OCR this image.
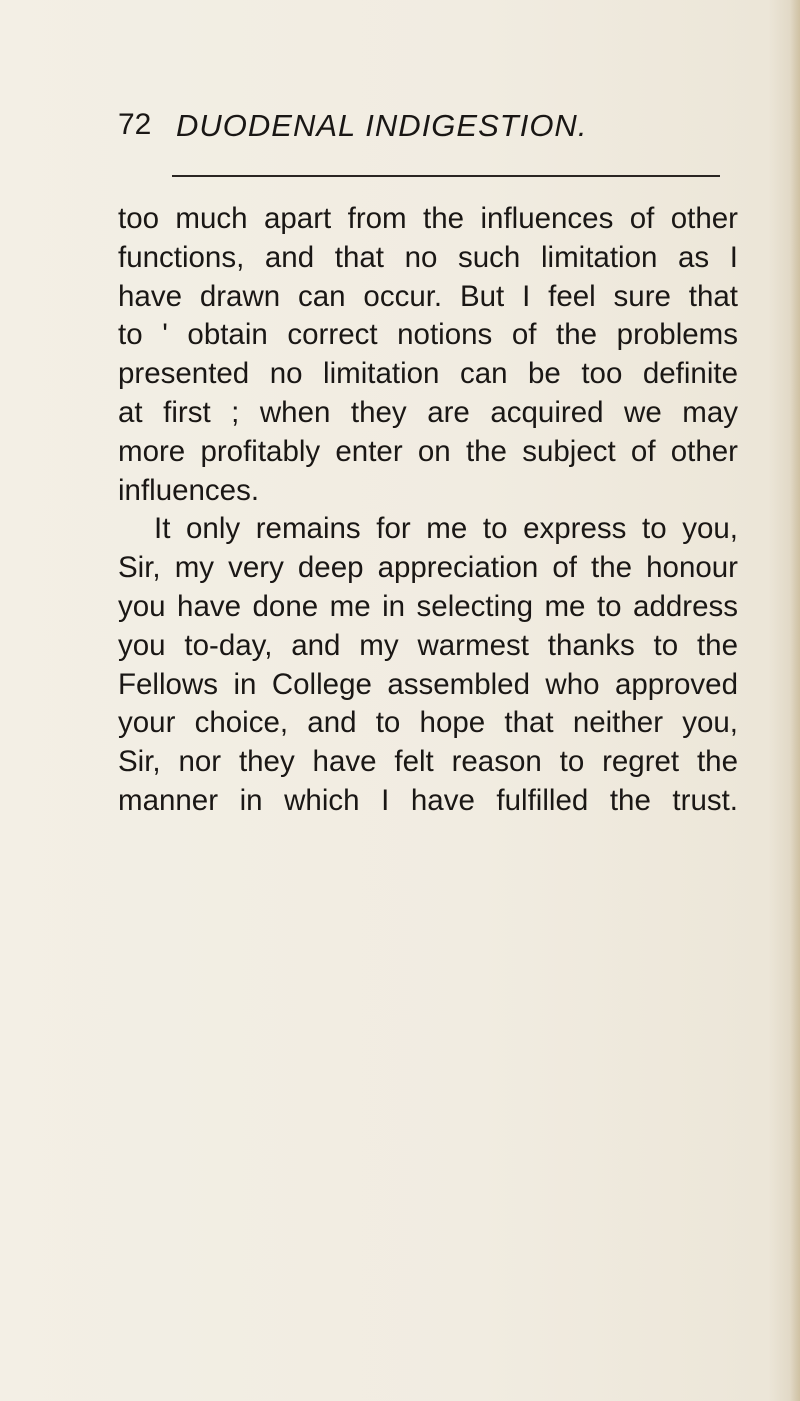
72 DUODENAL INDIGESTION.
too much apart from the influences of other
functions, and that no such limitation as I
have drawn can occur. But I feel sure that
to ' obtain correct notions of the problems
presented no limitation can be too definite
at first ; when they are acquired we may
more profitably enter on the subject of other
influences.
It only remains for me to express to you,
Sir, my very deep appreciation of the honour
you have done me in selecting me to address
you to-day, and my warmest thanks to the
Fellows in College assembled who approved
your choice, and to hope that neither you,
Sir, nor they have felt reason to regret the
manner in which I have fulfilled the trust.
